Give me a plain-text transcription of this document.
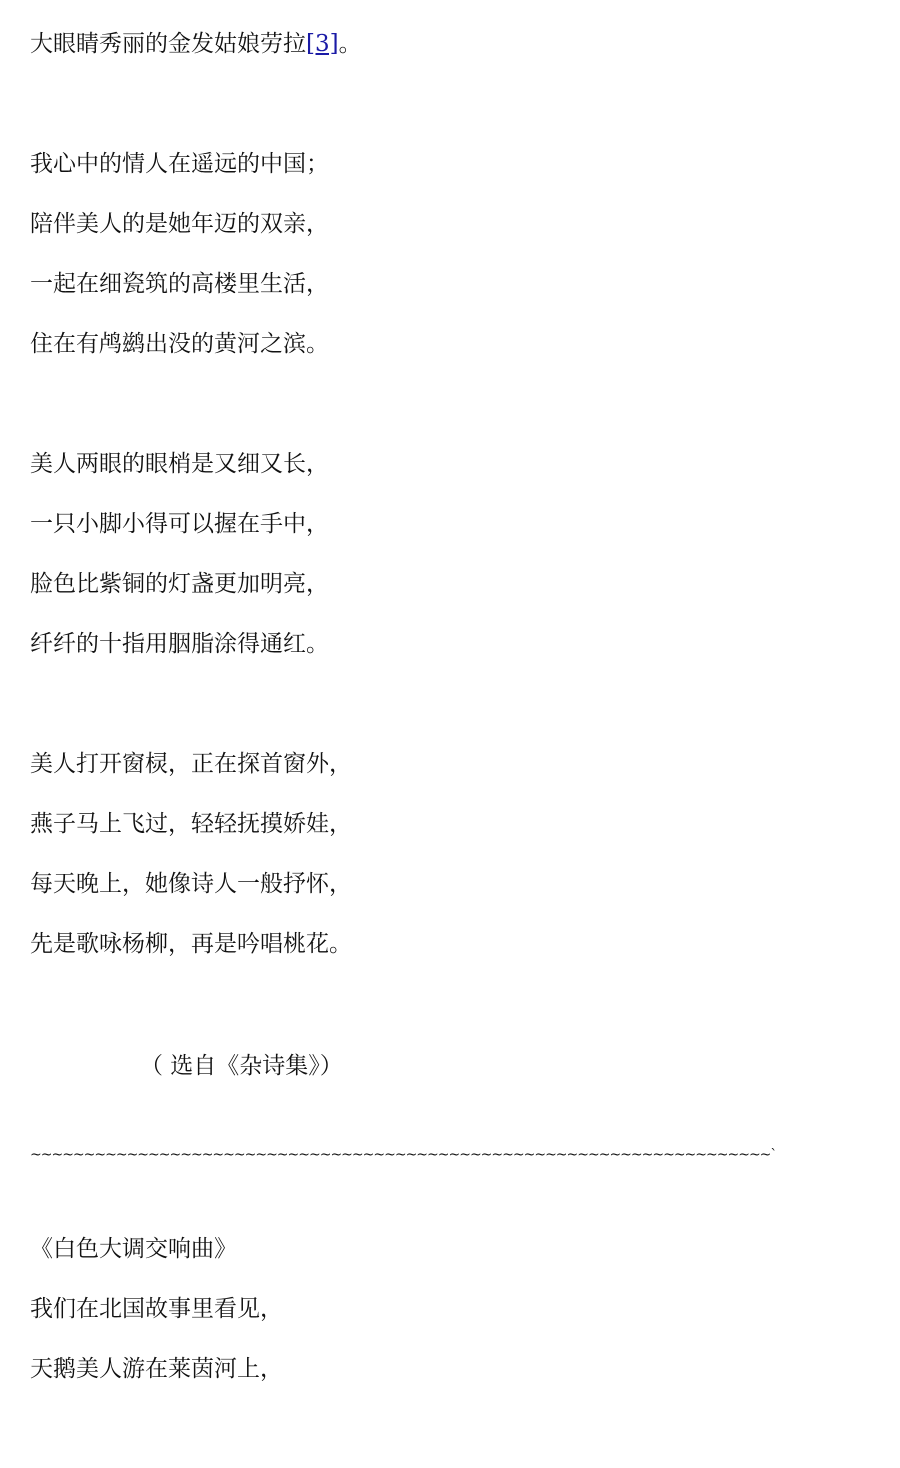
大眼睛秀丽的金发姑娘劳拉[3]。
我心中的情人在遥远的中国；
陪伴美人的是她年迈的双亲，
一起在细瓷筑的高楼里生活，
住在有鸬鹚出没的黄河之滨。
美人两眼的眼梢是又细又长，
一只小脚小得可以握在手中，
脸色比紫铜的灯盏更加明亮，
纤纤的十指用胭脂涂得通红。
美人打开窗棂，正在探首窗外，
燕子马上飞过，轻轻抚摸娇娃，
每天晚上，她像诗人一般抒怀，
先是歌咏杨柳，再是吟唱桃花。
（ 选自《杂诗集》）
~~~~~~~~~~~~~~~~~~~~~~~~~~~~~~~~~~~~~~~~~~~~~~~~~~~~~~~~~~~~~~~~~~~~~`
《白色大调交响曲》
我们在北国故事里看见，
天鹅美人游在莱茵河上，
